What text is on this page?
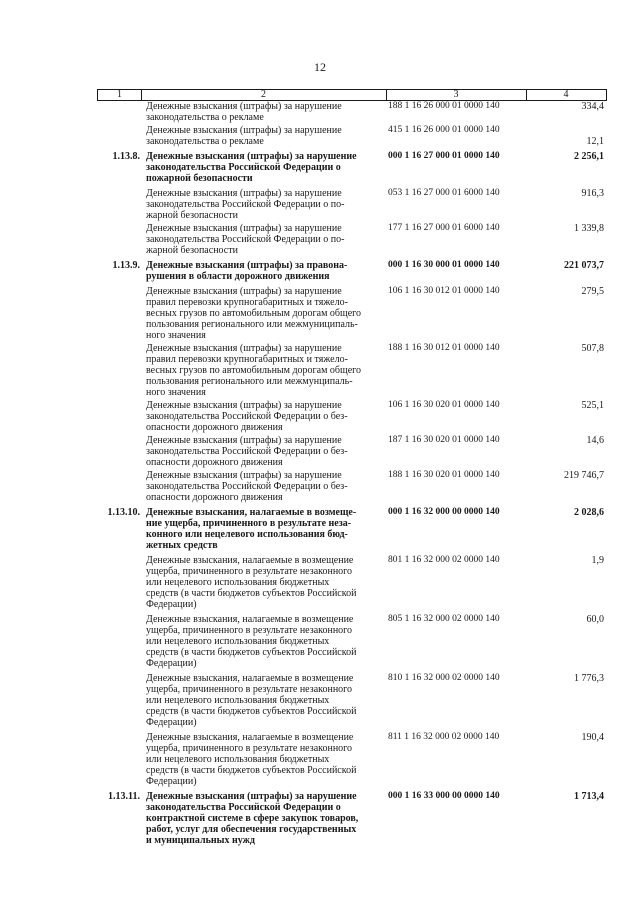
12
1	2	3	4
Денежные взыскания (штрафы) за нарушение
законодательства о рекламе
188 1 16 26 000 01 0000 140	334,4
Денежные взыскания (штрафы) за нарушение
законодательства о рекламе
415 1 16 26 000 01 0000 140
12,1
1.13.8. Денежные взыскания (штрафы) за нарушение
законодательства Российской Федерации о
пожарной безопасности
000 1 16 27 000 01 0000 140	2 256,1
Денежные взыскания (штрафы) за нарушение
законодательства Российской Федерации о по-
жарной безопасности
053 1 16 27 000 01 6000 140	916,3
Денежные взыскания (штрафы) за нарушение
законодательства Российской Федерации о по-
жарной безопасности
177 1 16 27 000 01 6000 140	1 339,8
1.13.9. Денежные взыскания (штрафы) за правона-
рушения в области дорожного движения
000 1 16 30 000 01 0000 140	221 073,7
Денежные взыскания (штрафы) за нарушение
правил перевозки крупногабаритных и тяжело-
весных грузов по автомобильным дорогам общего
пользования регионального или межмуниципаль-
ного значения
106 1 16 30 012 01 0000 140	279,5
Денежные взыскания (штрафы) за нарушение
правил перевозки крупногабаритных и тяжело-
весных грузов по автомобильным дорогам общего
пользования регионального или межмунципаль-
ного значения
188 1 16 30 012 01 0000 140	507,8
Денежные взыскания (штрафы) за нарушение
законодательства Российской Федерации о без-
опасности дорожного движения
106 1 16 30 020 01 0000 140	525,1
Денежные взыскания (штрафы) за нарушение
законодательства Российской Федерации о без-
опасности дорожного движения
187 1 16 30 020 01 0000 140	14,6
Денежные взыскания (штрафы) за нарушение
законодательства Российской Федерации о без-
опасности дорожного движения
188 1 16 30 020 01 0000 140	219 746,7
1.13.10. Денежные взыскания, налагаемые в возмеще-
ние ущерба, причиненного в результате неза-
конного или нецелевого использования бюд-
жетных средств
000 1 16 32 000 00 0000 140	2 028,6
Денежные взыскания, налагаемые в возмещение
ущерба, причиненного в результате незаконного
или нецелевого использования бюджетных
средств (в части бюджетов субъектов Российской
Федерации)
801 1 16 32 000 02 0000 140	1,9
Денежные взыскания, налагаемые в возмещение
ущерба, причиненного в результате незаконного
или нецелевого использования бюджетных
средств (в части бюджетов субъектов Российской
Федерации)
805 1 16 32 000 02 0000 140	60,0
Денежные взыскания, налагаемые в возмещение
ущерба, причиненного в результате незаконного
или нецелевого использования бюджетных
средств (в части бюджетов субъектов Российской
Федерации)
810 1 16 32 000 02 0000 140	1 776,3
Денежные взыскания, налагаемые в возмещение
ущерба, причиненного в результате незаконного
или нецелевого использования бюджетных
средств (в части бюджетов субъектов Российской
Федерации)
811 1 16 32 000 02 0000 140	190,4
1.13.11. Денежные взыскания (штрафы) за нарушение
законодательства Российской Федерации о
контрактной системе в сфере закупок товаров,
работ, услуг для обеспечения государственных
и муниципальных нужд
000 1 16 33 000 00 0000 140	1 713,4
